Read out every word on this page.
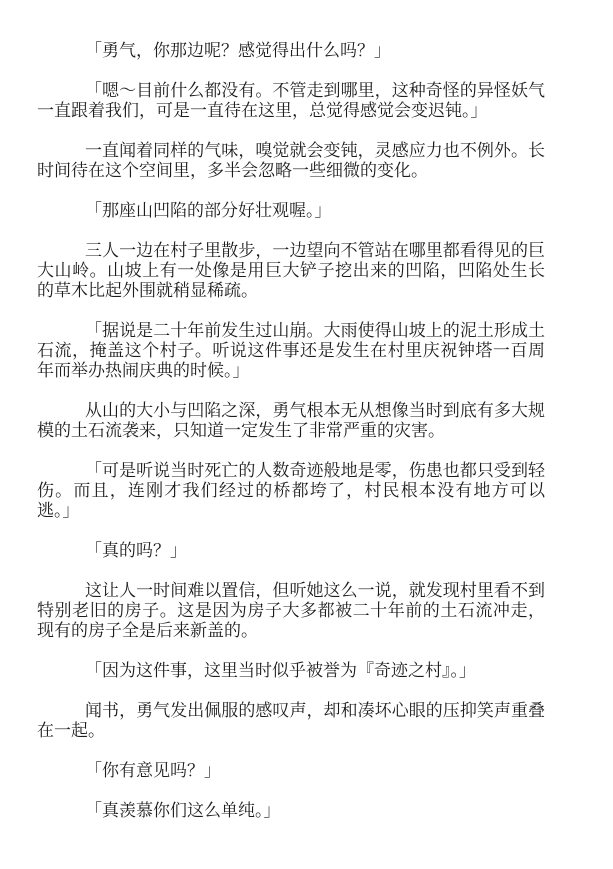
「勇气，你那边呢？感觉得出什么吗？」

「嗯～目前什么都没有。不管走到哪里，这种奇怪的异怪妖气一直跟着我们，可是一直待在这里，总觉得感觉会变迟钝。」

一直闻着同样的气味，嗅觉就会变钝，灵感应力也不例外。长时间待在这个空间里，多半会忽略一些细微的变化。

「那座山凹陷的部分好壮观喔。」

三人一边在村子里散步，一边望向不管站在哪里都看得见的巨大山岭。山坡上有一处像是用巨大铲子挖出来的凹陷，凹陷处生长的草木比起外围就稍显稀疏。

「据说是二十年前发生过山崩。大雨使得山坡上的泥土形成土石流，掩盖这个村子。听说这件事还是发生在村里庆祝钟塔一百周年而举办热闹庆典的时候。」

从山的大小与凹陷之深，勇气根本无从想像当时到底有多大规模的土石流袭来，只知道一定发生了非常严重的灾害。

「可是听说当时死亡的人数奇迹般地是零，伤患也都只受到轻伤。而且，连刚才我们经过的桥都垮了，村民根本没有地方可以逃。」

「真的吗？」

这让人一时间难以置信，但听她这么一说，就发现村里看不到特别老旧的房子。这是因为房子大多都被二十年前的土石流冲走，现有的房子全是后来新盖的。

「因为这件事，这里当时似乎被誉为『奇迹之村』。」

闻书，勇气发出佩服的感叹声，却和凑坏心眼的压抑笑声重叠在一起。

「你有意见吗？」

「真羡慕你们这么单纯。」
